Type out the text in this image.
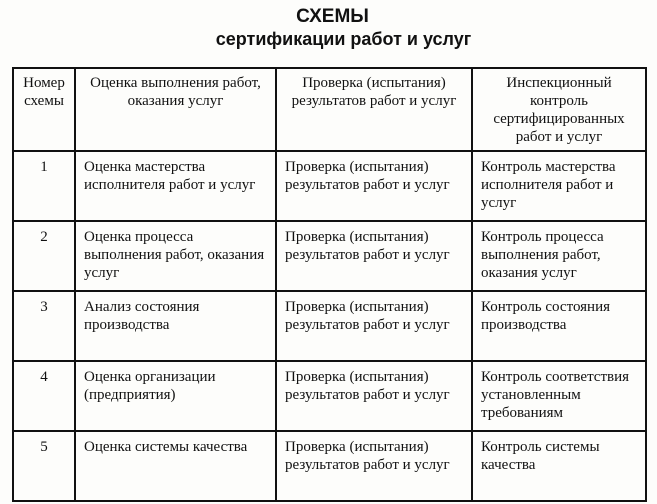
СХЕМЫ
сертификации работ и услуг
Номер схемы	Оценка выполнения работ, оказания услуг	Проверка (испытания) результатов работ и услуг	Инспекционный контроль сертифицированных работ и услуг
1	Оценка мастерства исполнителя работ и услуг	Проверка (испытания) результатов работ и услуг	Контроль мастерства исполнителя работ и услуг
2	Оценка процесса выполнения работ, оказания услуг	Проверка (испытания) результатов работ и услуг	Контроль процесса выполнения работ, оказания услуг
3	Анализ состояния производства	Проверка (испытания) результатов работ и услуг	Контроль состояния производства
4	Оценка организации (предприятия)	Проверка (испытания) результатов работ и услуг	Контроль соответствия установленным требованиям
5	Оценка системы качества	Проверка (испытания) результатов работ и услуг	Контроль системы качества
